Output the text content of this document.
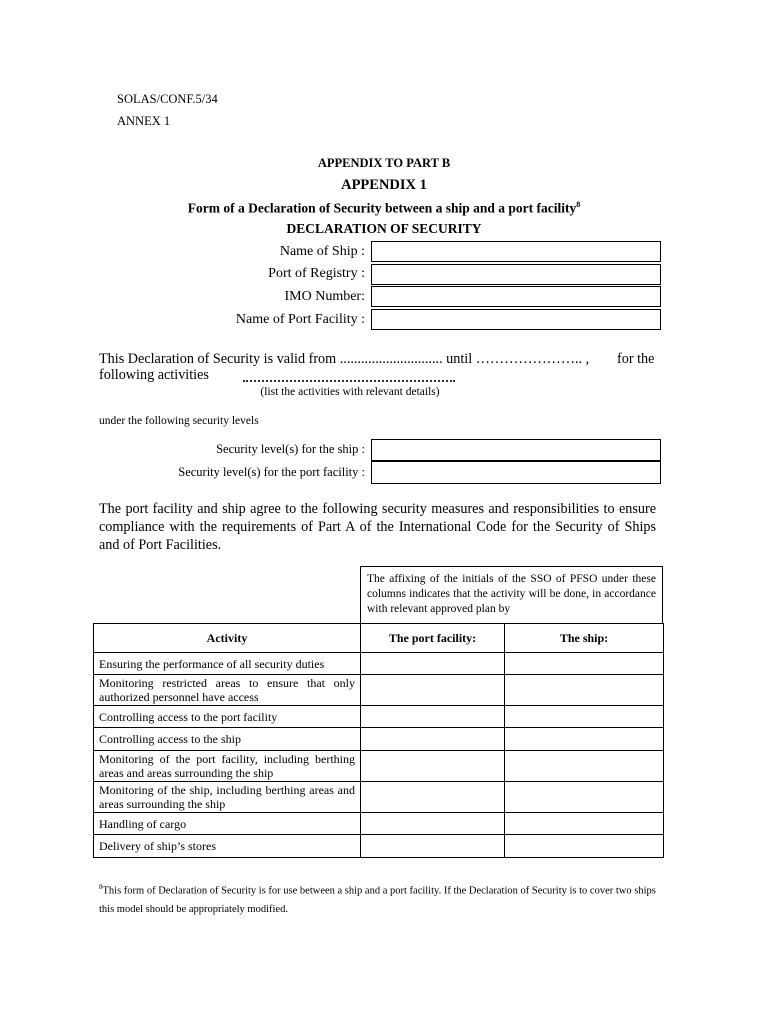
SOLAS/CONF.5/34
ANNEX 1
APPENDIX TO PART B
APPENDIX 1
Form of a Declaration of Security between a ship and a port facility$^8$
DECLARATION OF SECURITY
Name of Ship :
Port of Registry :
IMO Number:
Name of Port Facility :
This Declaration of Security is valid from ............................. until ………………….. , for the
following activities
(list the activities with relevant details)
under the following security levels
Security level(s) for the ship :
Security level(s) for the port facility :
The port facility and ship agree to the following security measures and responsibilities to ensure compliance with the requirements of Part A of the International Code for the Security of Ships and of Port Facilities.
The affixing of the initials of the SSO of PFSO under these columns indicates that the activity will be done, in accordance with relevant approved plan by
Activity	The port facility:	The ship:
Ensuring the performance of all security duties		
Monitoring restricted areas to ensure that only authorized personnel have access		
Controlling access to the port facility		
Controlling access to the ship		
Monitoring of the port facility, including berthing areas and areas surrounding the ship		
Monitoring of the ship, including berthing areas and areas surrounding the ship		
Handling of cargo		
Delivery of ship’s stores		
$^8$This form of Declaration of Security is for use between a ship and a port facility. If the Declaration of Security is to cover two ships this model should be appropriately modified.
